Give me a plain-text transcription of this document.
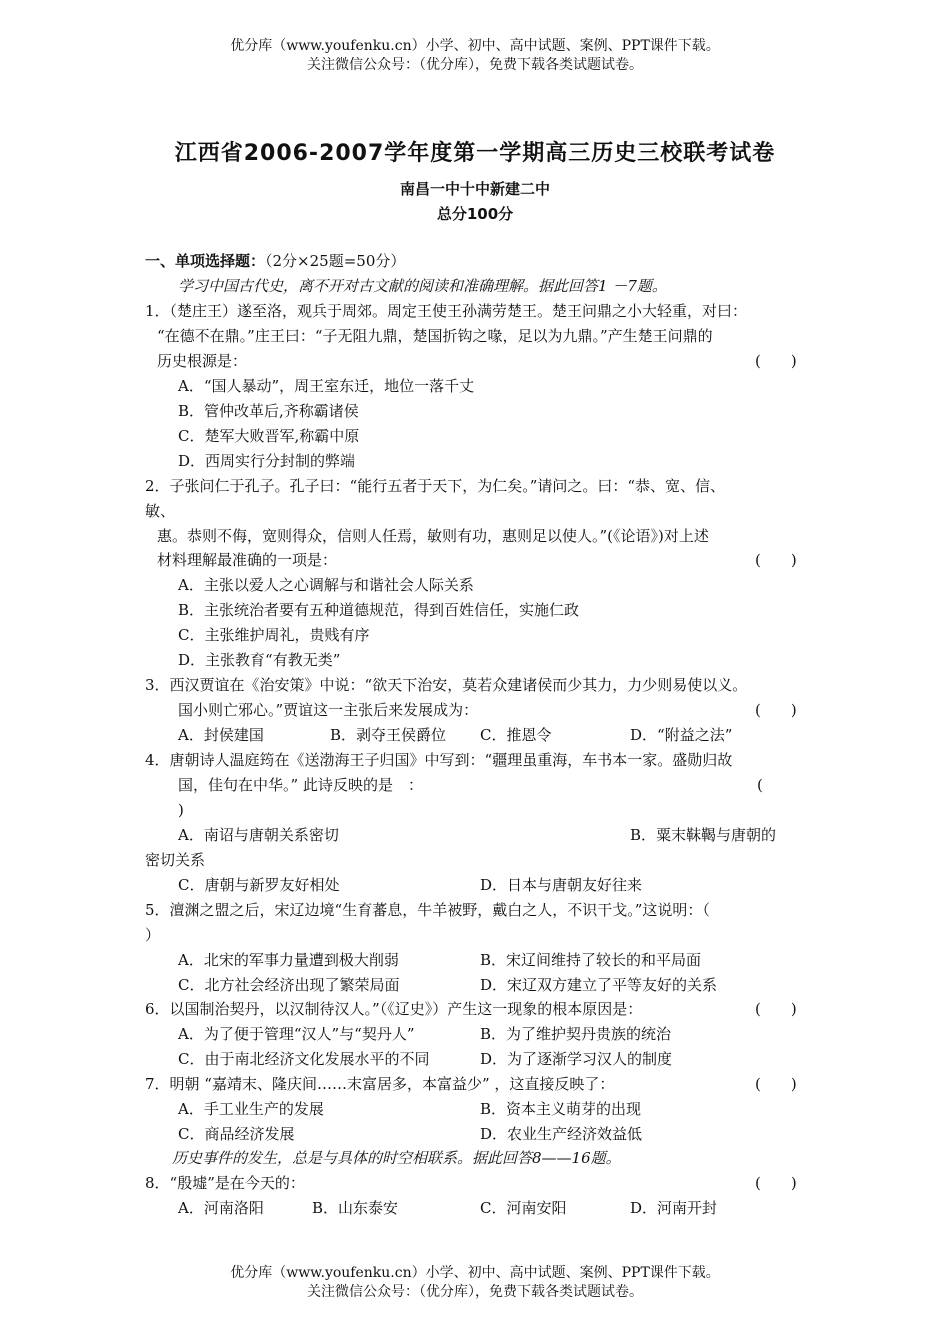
优分库（www.youfenku.cn）小学、初中、高中试题、案例、PPT课件下载。
关注微信公众号：（优分库），免费下载各类试题试卷。
江西省2006-2007学年度第一学期高三历史三校联考试卷
南昌一中十中新建二中
总分100分
一、单项选择题：（2分×25题=50分）
学习中国古代史，离不开对古文献的阅读和准确理解。据此回答1 －7题。
1．（楚庄王）遂至洛，观兵于周郊。周定王使王孙满劳楚王。楚王问鼎之小大轻重，对曰：
“在德不在鼎。”庄王曰：“子无阻九鼎，楚国折钩之喙，足以为九鼎。”产生楚王问鼎的
历史根源是：	(　　)
A．“国人暴动”，周王室东迁，地位一落千丈
B．管仲改革后,齐称霸诸侯
C．楚军大败晋军,称霸中原
D．西周实行分封制的弊端
2．子张问仁于孔子。孔子曰：“能行五者于天下，为仁矣。”请问之。曰：“恭、宽、信、
敏、
惠。恭则不侮，宽则得众，信则人任焉，敏则有功，惠则足以使人。”(《论语》)对上述
材料理解最准确的一项是：	(　　)
A．主张以爱人之心调解与和谐社会人际关系
B．主张统治者要有五种道德规范，得到百姓信任，实施仁政
C．主张维护周礼，贵贱有序
D．主张教育“有教无类”
3．西汉贾谊在《治安策》中说：“欲天下治安，莫若众建诸侯而少其力，力少则易使以义。
国小则亡邪心。”贾谊这一主张后来发展成为：	(　　)
A．封侯建国	B．剥夺王侯爵位 C．推恩令	D．“附益之法”
4．唐朝诗人温庭筠在《送渤海王子归国》中写到：“疆理虽重海，车书本一家。盛勋归故
国，佳句在中华。” 此诗反映的是　：	(
)
A．南诏与唐朝关系密切	B．粟末靺鞨与唐朝的
密切关系
C．唐朝与新罗友好相处	D．日本与唐朝友好往来
5．澶渊之盟之后，宋辽边境“生育蕃息，牛羊被野，戴白之人，不识干戈。”这说明：（
）
A．北宋的军事力量遭到极大削弱	B．宋辽间维持了较长的和平局面
C．北方社会经济出现了繁荣局面	D．宋辽双方建立了平等友好的关系
6．以国制治契丹，以汉制待汉人。”（《辽史》）产生这一现象的根本原因是：	(　　)
A．为了便于管理“汉人”与“契丹人”	B．为了维护契丹贵族的统治
C．由于南北经济文化发展水平的不同	D．为了逐渐学习汉人的制度
7．明朝 “嘉靖末、隆庆间……末富居多，本富益少” ，这直接反映了：	(　　)
A．手工业生产的发展	B．资本主义萌芽的出现
C．商品经济发展	D．农业生产经济效益低
历史事件的发生，总是与具体的时空相联系。据此回答8——16题。
8．“殷墟”是在今天的：	(　　)
A．河南洛阳	B．山东泰安	C．河南安阳	D．河南开封
优分库（www.youfenku.cn）小学、初中、高中试题、案例、PPT课件下载。
关注微信公众号：（优分库），免费下载各类试题试卷。
